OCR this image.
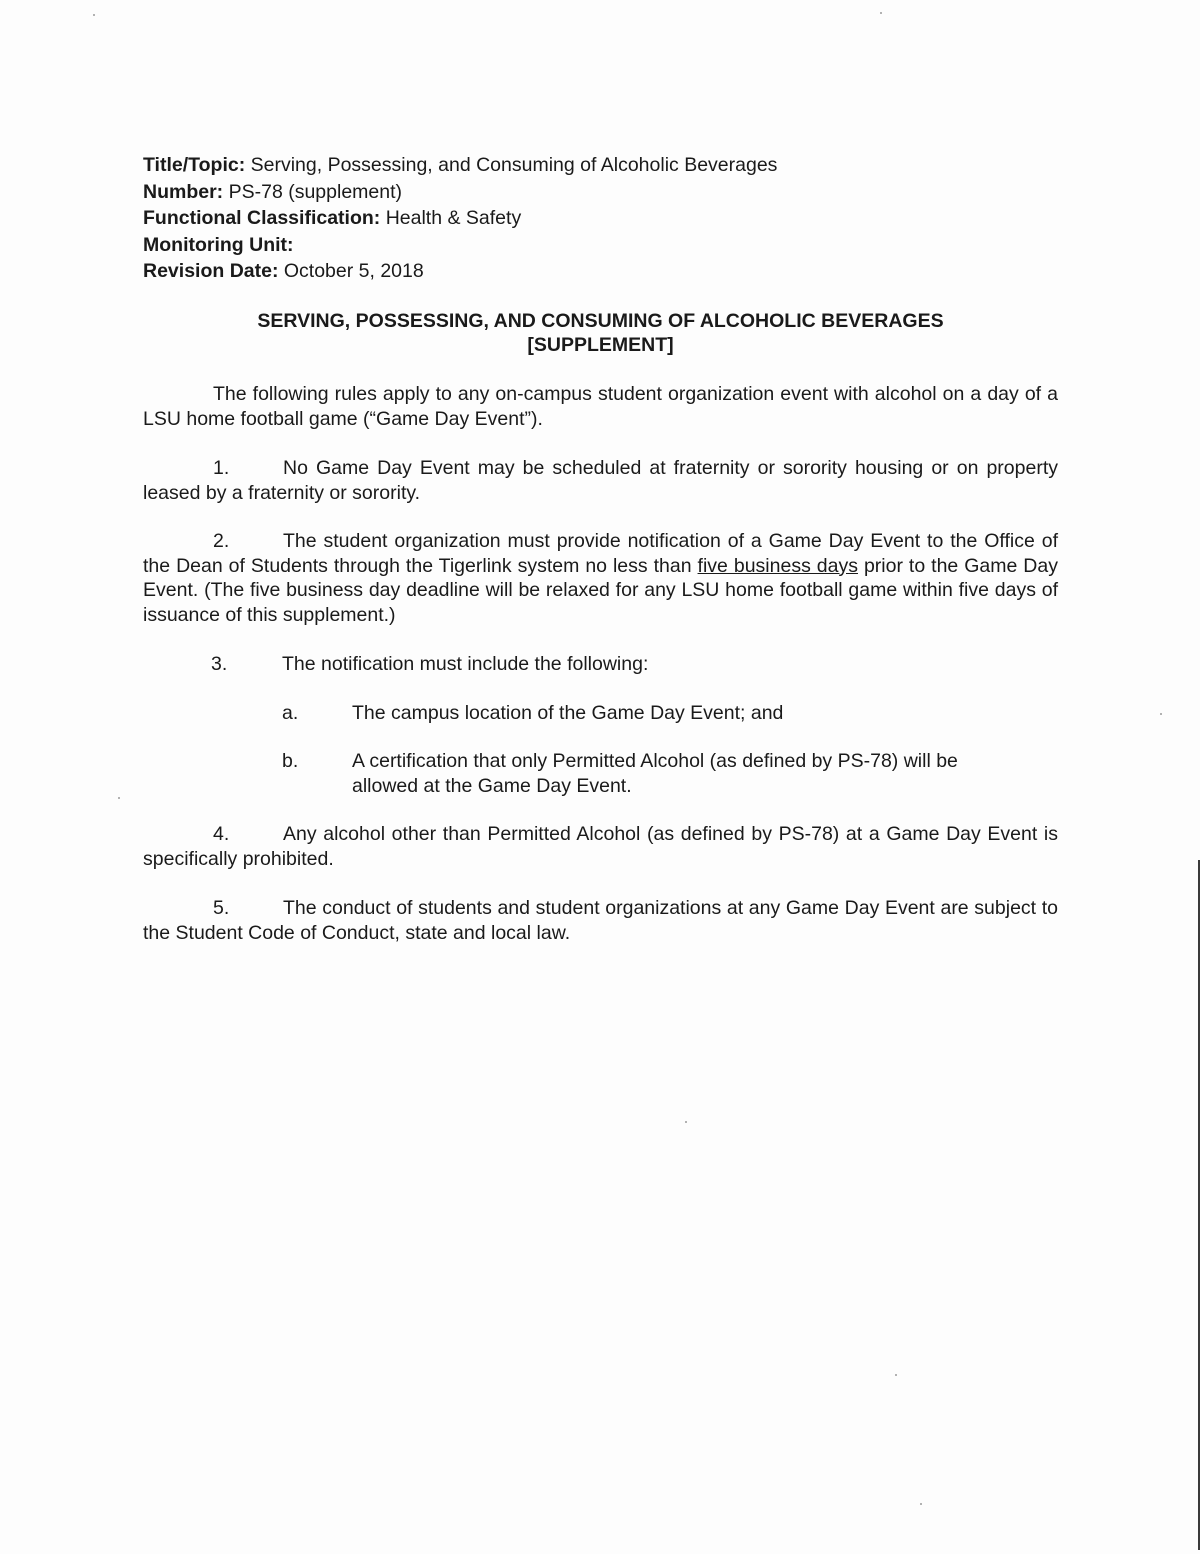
Title/Topic: Serving, Possessing, and Consuming of Alcoholic Beverages
Number: PS-78 (supplement)
Functional Classification: Health & Safety
Monitoring Unit:
Revision Date: October 5, 2018
SERVING, POSSESSING, AND CONSUMING OF ALCOHOLIC BEVERAGES
[SUPPLEMENT]
The following rules apply to any on-campus student organization event with alcohol on a day of a LSU home football game (“Game Day Event”).
1.	No Game Day Event may be scheduled at fraternity or sorority housing or on property leased by a fraternity or sorority.
2.	The student organization must provide notification of a Game Day Event to the Office of the Dean of Students through the Tigerlink system no less than five business days prior to the Game Day Event. (The five business day deadline will be relaxed for any LSU home football game within five days of issuance of this supplement.)
3.	The notification must include the following:
a.	The campus location of the Game Day Event; and
b.	A certification that only Permitted Alcohol (as defined by PS-78) will be allowed at the Game Day Event.
4.	Any alcohol other than Permitted Alcohol (as defined by PS-78) at a Game Day Event is specifically prohibited.
5.	The conduct of students and student organizations at any Game Day Event are subject to the Student Code of Conduct, state and local law.
